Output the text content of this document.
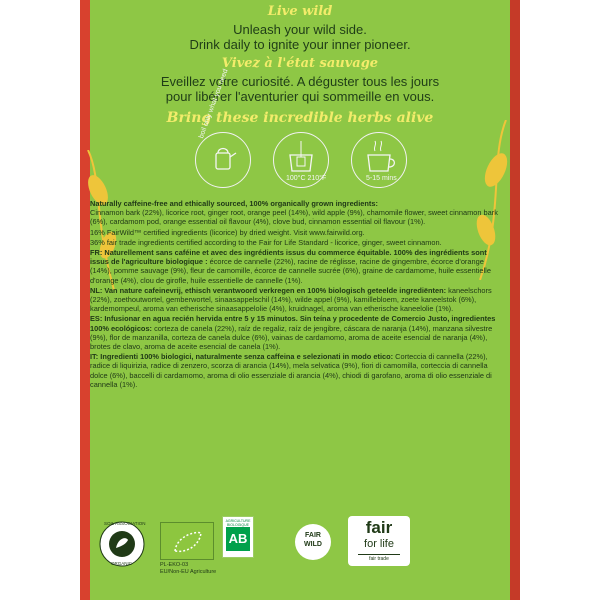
Live wild
Unleash your wild side.
Drink daily to ignite your inner pioneer.
Vivez à l'état sauvage
Eveillez votre curiosité. A déguster tous les jours
pour libérer l'aventurier qui sommeille en vous.
Bring these incredible herbs alive
boil only what you need
100°C 210°F	5-15 mins

Naturally caffeine-free and ethically sourced, 100% organically grown ingredients:
Cinnamon bark (22%), licorice root, ginger root, orange peel (14%), wild apple (9%), chamomile flower, sweet cinnamon bark (6%), cardamom pod, orange essential oil flavour (4%), clove bud, cinnamon essential oil flavour (1%).

16% FairWild™ certified ingredients (licorice) by dried weight. Visit www.fairwild.org.

36% fair trade ingredients certified according to the Fair for Life Standard - licorice, ginger, sweet cinnamon.

FR: Naturellement sans caféine et avec des ingrédients issus du commerce équitable. 100% des ingrédients sont issus de l'agriculture biologique : écorce de cannelle (22%), racine de réglisse, racine de gingembre, écorce d'orange (14%), pomme sauvage (9%), fleur de camomille, écorce de cannelle sucrée (6%), graine de cardamome, huile essentielle d'orange (4%), clou de girofle, huile essentielle de cannelle (1%).

NL: Van nature cafeinevrij, ethisch verantwoord verkregen en 100% biologisch geteelde ingrediënten: kaneelschors (22%), zoethoutwortel, gemberwortel, sinaasappelschil (14%), wilde appel (9%), kamillebloem, zoete kaneelstok (6%), kardemompeul, aroma van etherische sinaasappelolie (4%), kruidnagel, aroma van etherische kaneelolie (1%).

ES: Infusionar en agua recién hervida entre 5 y 15 minutos. Sin teína y procedente de Comercio Justo, ingredientes 100% ecológicos: corteza de canela (22%), raíz de regaliz, raíz de jengibre, cáscara de naranja (14%), manzana silvestre (9%), flor de manzanilla, corteza de canela dulce (6%), vainas de cardamomo, aroma de aceite esencial de naranja (4%), brotes de clavo, aroma de aceite esencial de canela (1%).

IT: Ingredienti 100% biologici, naturalmente senza caffeina e selezionati in modo etico: Corteccia di cannella (22%), radice di liquirizia, radice di zenzero, scorza di arancia (14%), mela selvatica (9%), fiori di camomilla, corteccia di cannella dolce (6%), baccelli di cardamomo, aroma di olio essenziale di arancia (4%), chiodi di garofano, aroma di olio essenziale di cannella (1%).

SOIL ASSOCIATION
ORGANIC	PL-EKO-03
EU/Non-EU Agriculture
AGRICULTURE BIOLOGIQUE
AB	FAIR
WILD
fair
for life
fair trade
